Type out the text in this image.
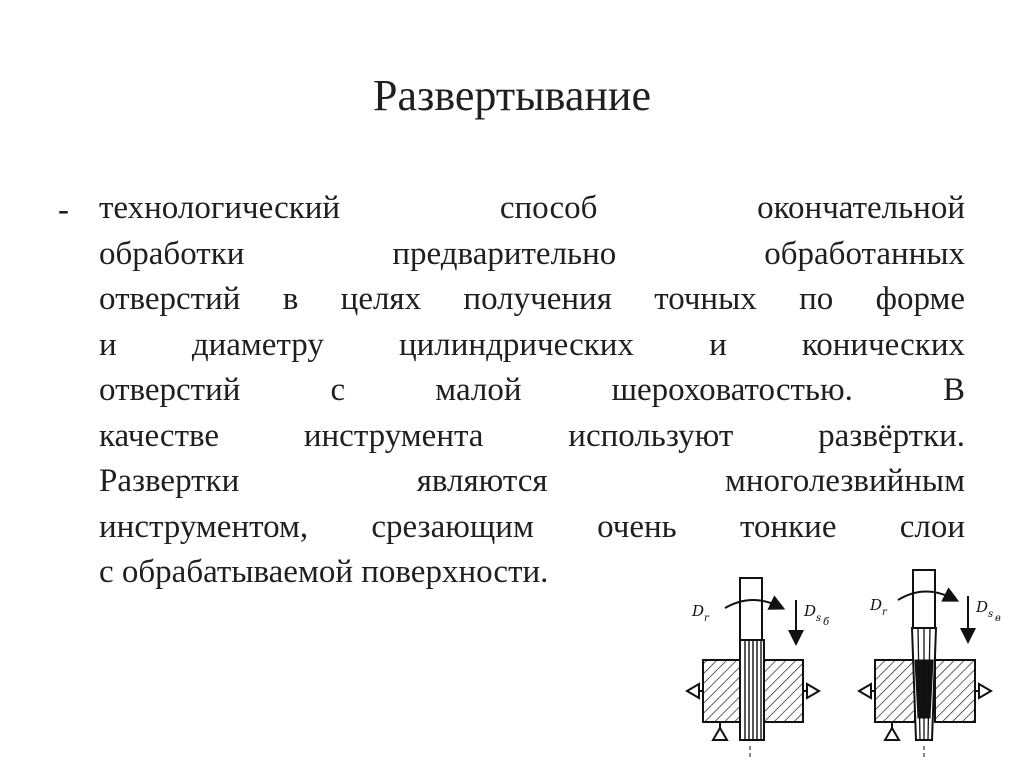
Развертывание
- технологический способ окончательной
обработки предварительно обработанных
отверстий в целях получения точных по форме
и диаметру цилиндрических и конических
отверстий с малой шероховатостью. В
качестве инструмента используют развёртки.
Развертки являются многолезвийным
инструментом, срезающим очень тонкие слои
с обрабатываемой поверхности.
D r	D s б
D r	D s в
